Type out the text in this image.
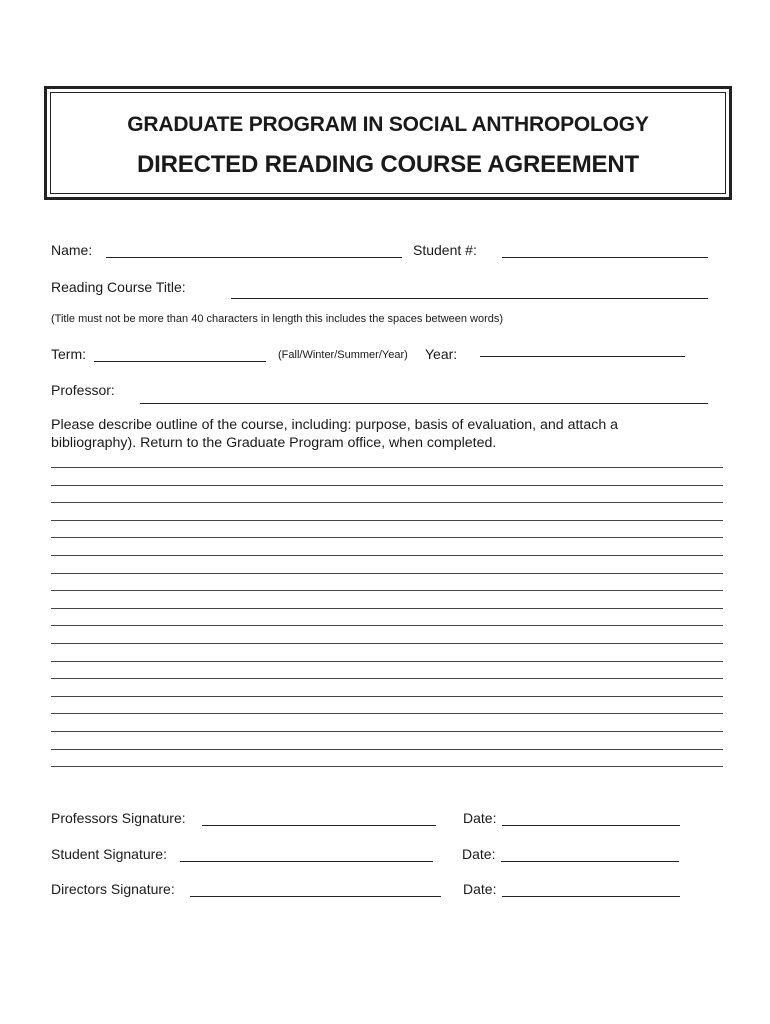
GRADUATE PROGRAM IN SOCIAL ANTHROPOLOGY
DIRECTED READING COURSE AGREEMENT
Name:	Student #:
Reading Course Title:
(Title must not be more than 40 characters in length this includes the spaces between words)
Term:	(Fall/Winter/Summer/Year) Year:
Professor:
Please describe outline of the course, including: purpose, basis of evaluation, and attach a bibliography). Return to the Graduate Program office, when completed.
Professors Signature:	Date:
Student Signature:	Date:
Directors Signature:	Date:
